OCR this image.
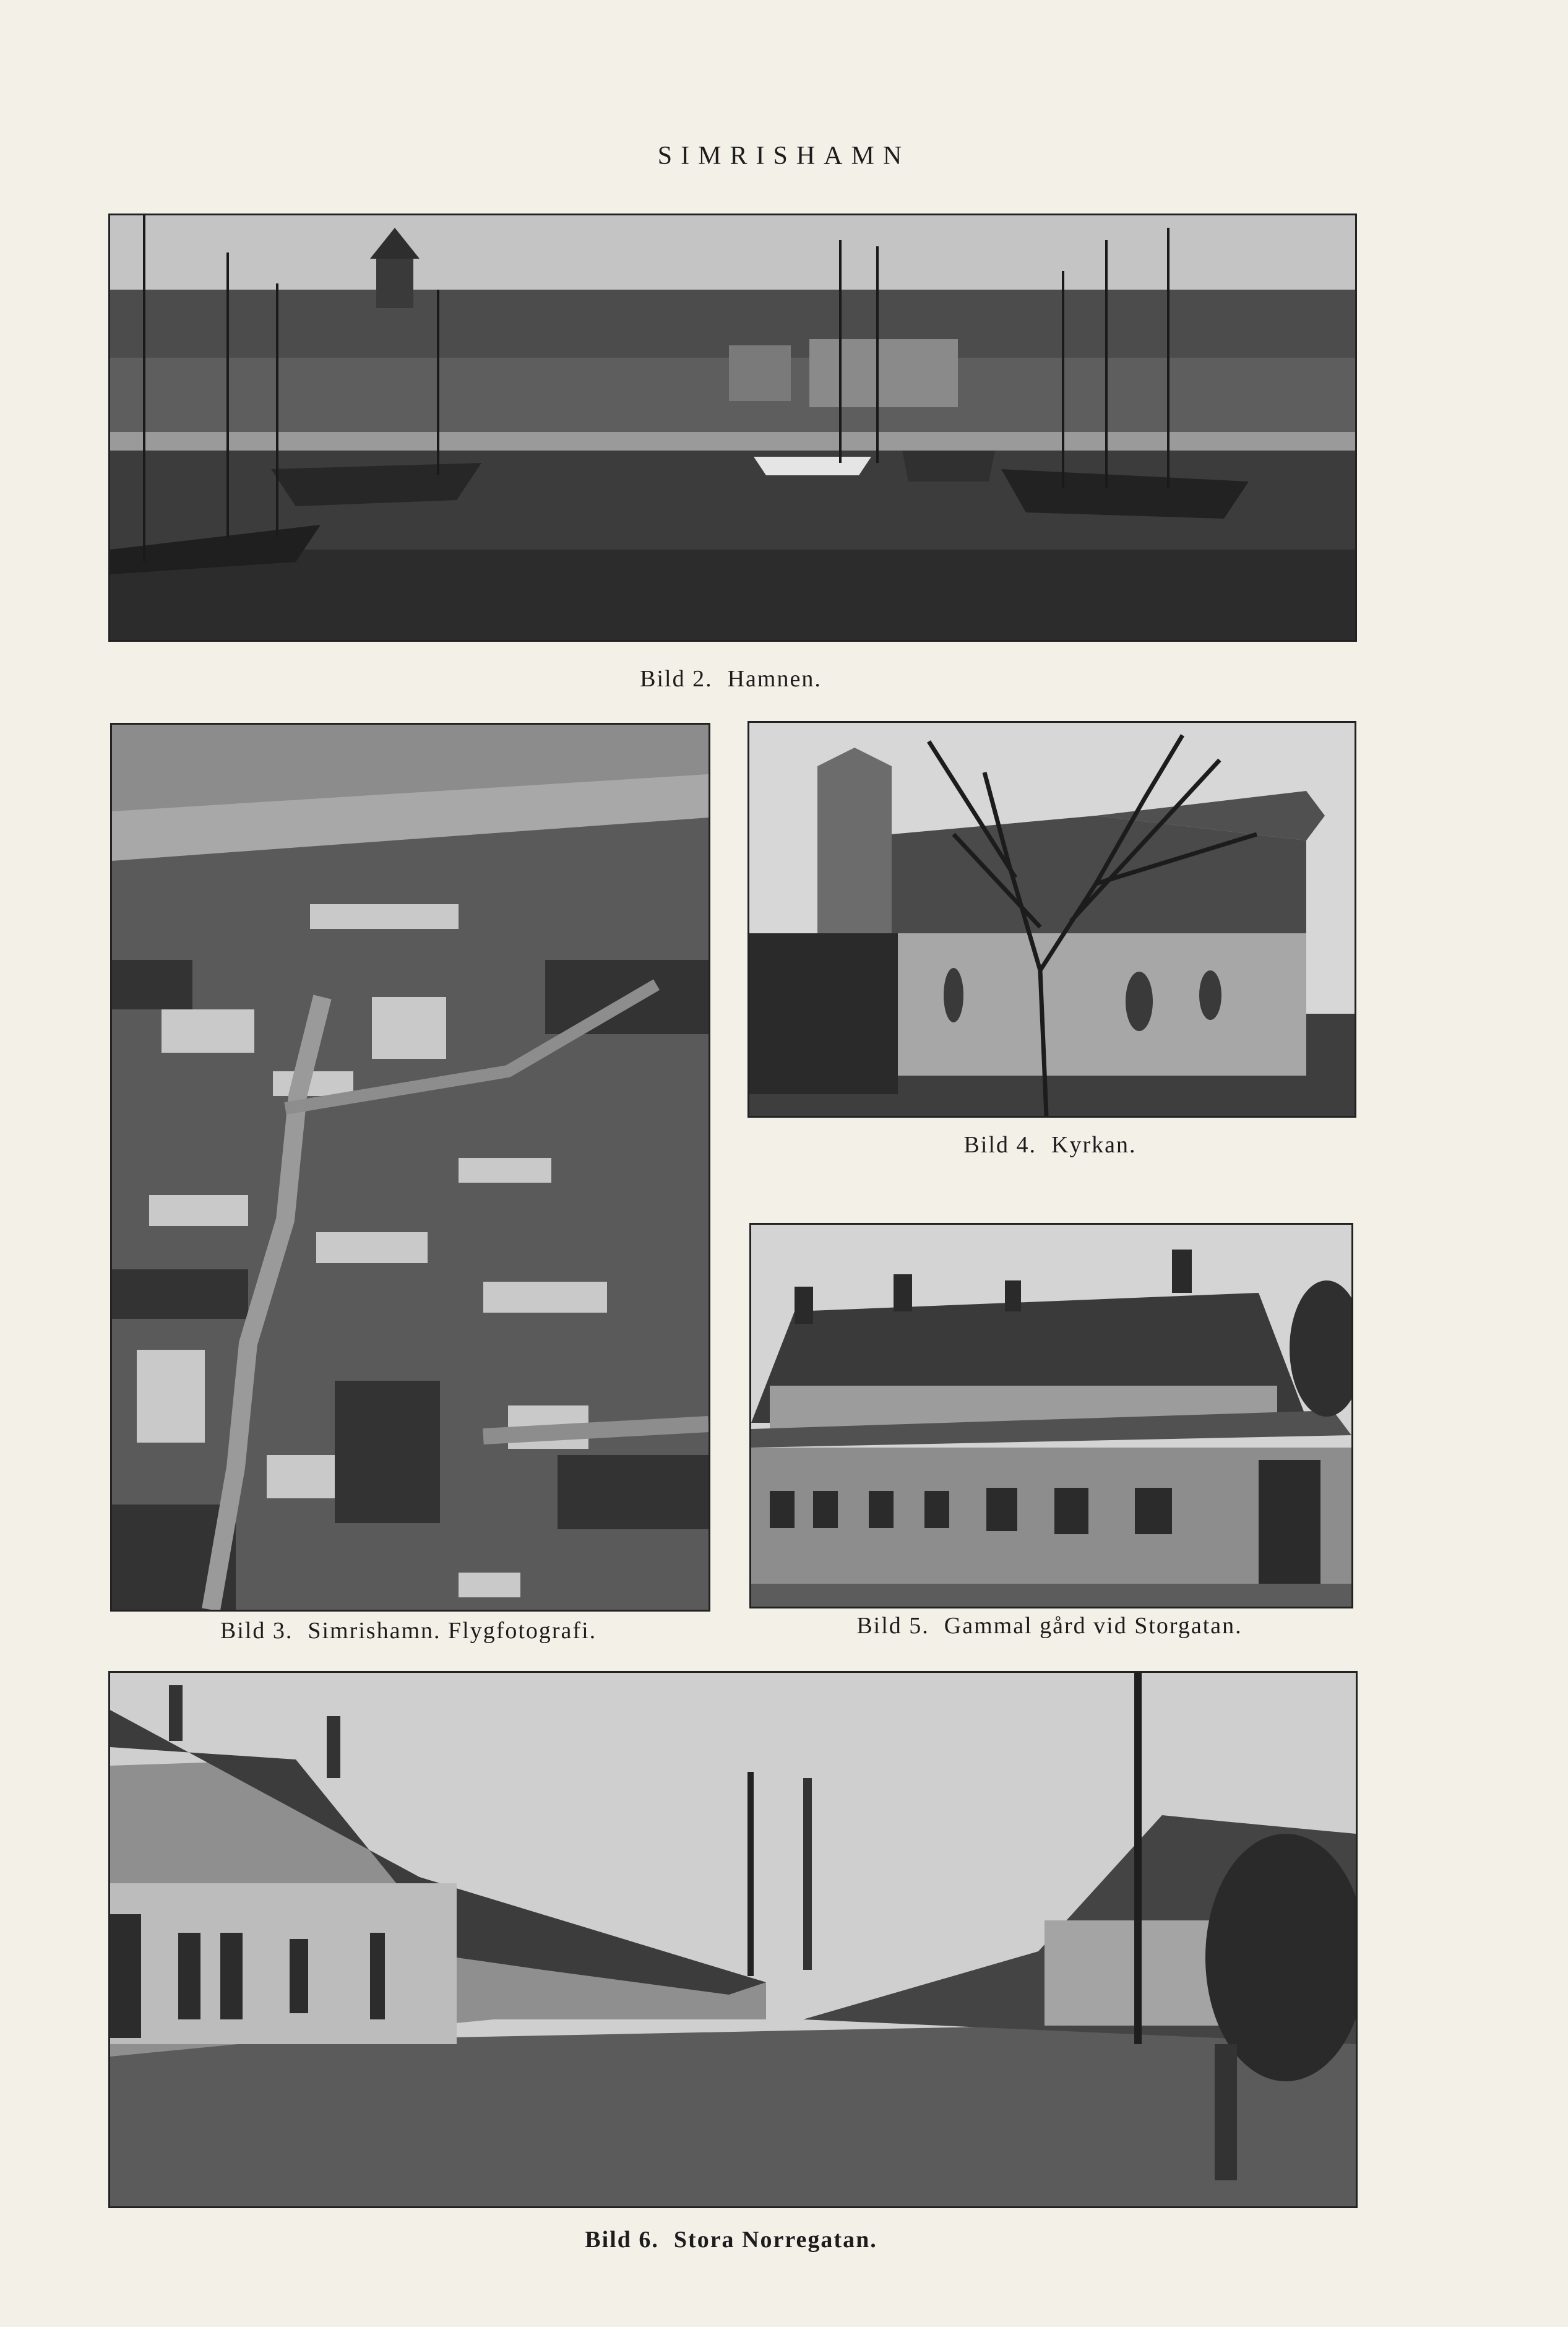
SIMRISHAMN
Bild 2. Hamnen.
Bild 3. Simrishamn. Flygfotografi.
Bild 4. Kyrkan.
Bild 5. Gammal gård vid Storgatan.
Bild 6. Stora Norregatan.
